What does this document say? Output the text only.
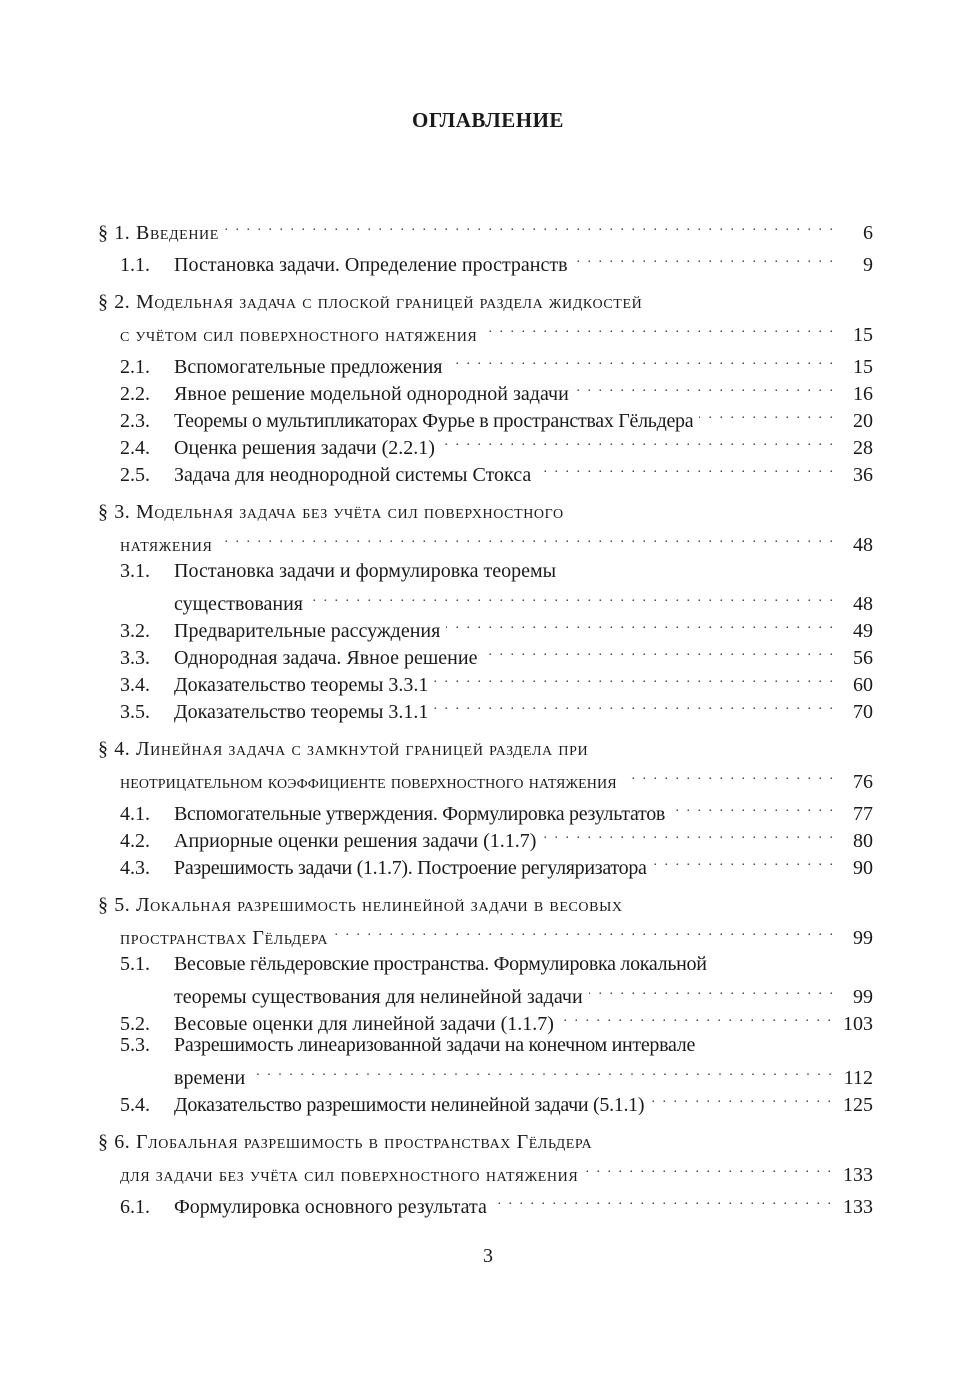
ОГЛАВЛЕНИЕ
§ 1. Введение . . .	6
1.1.	Постановка задачи. Определение пространств . . .	9
§ 2. Модельная задача с плоской границей раздела жидкостей
с учётом сил поверхностного натяжения . . .	15
2.1.	Вспомогательные предложения . . .	15
2.2.	Явное решение модельной однородной задачи . . .	16
2.3.	Теоремы о мультипликаторах Фурье в пространствах Гёльдера . . .	20
2.4.	Оценка решения задачи (2.2.1) . . .	28
2.5.	Задача для неоднородной системы Стокса . . .	36
§ 3. Модельная задача без учёта сил поверхностного
натяжения . . .	48
3.1.	Постановка задачи и формулировка теоремы
существования . . .	48
3.2.	Предварительные рассуждения . . .	49
3.3.	Однородная задача. Явное решение . . .	56
3.4.	Доказательство теоремы 3.3.1 . . .	60
3.5.	Доказательство теоремы 3.1.1 . . .	70
§ 4. Линейная задача с замкнутой границей раздела при
неотрицательном коэффициенте поверхностного натяжения . . .	76
4.1.	Вспомогательные утверждения. Формулировка результатов . . .	77
4.2.	Априорные оценки решения задачи (1.1.7) . . .	80
4.3.	Разрешимость задачи (1.1.7). Построение регуляризатора . . .	90
§ 5. Локальная разрешимость нелинейной задачи в весовых
пространствах Гёльдера . . .	99
5.1.	Весовые гёльдеровские пространства. Формулировка локальной
теоремы существования для нелинейной задачи . . .	99
5.2.	Весовые оценки для линейной задачи (1.1.7) . . .	103
5.3.	Разрешимость линеаризованной задачи на конечном интервале
времени . . .	112
5.4.	Доказательство разрешимости нелинейной задачи (5.1.1) . . .	125
§ 6. Глобальная разрешимость в пространствах Гёльдера
для задачи без учёта сил поверхностного натяжения . . .	133
6.1.	Формулировка основного результата . . .	133
3
